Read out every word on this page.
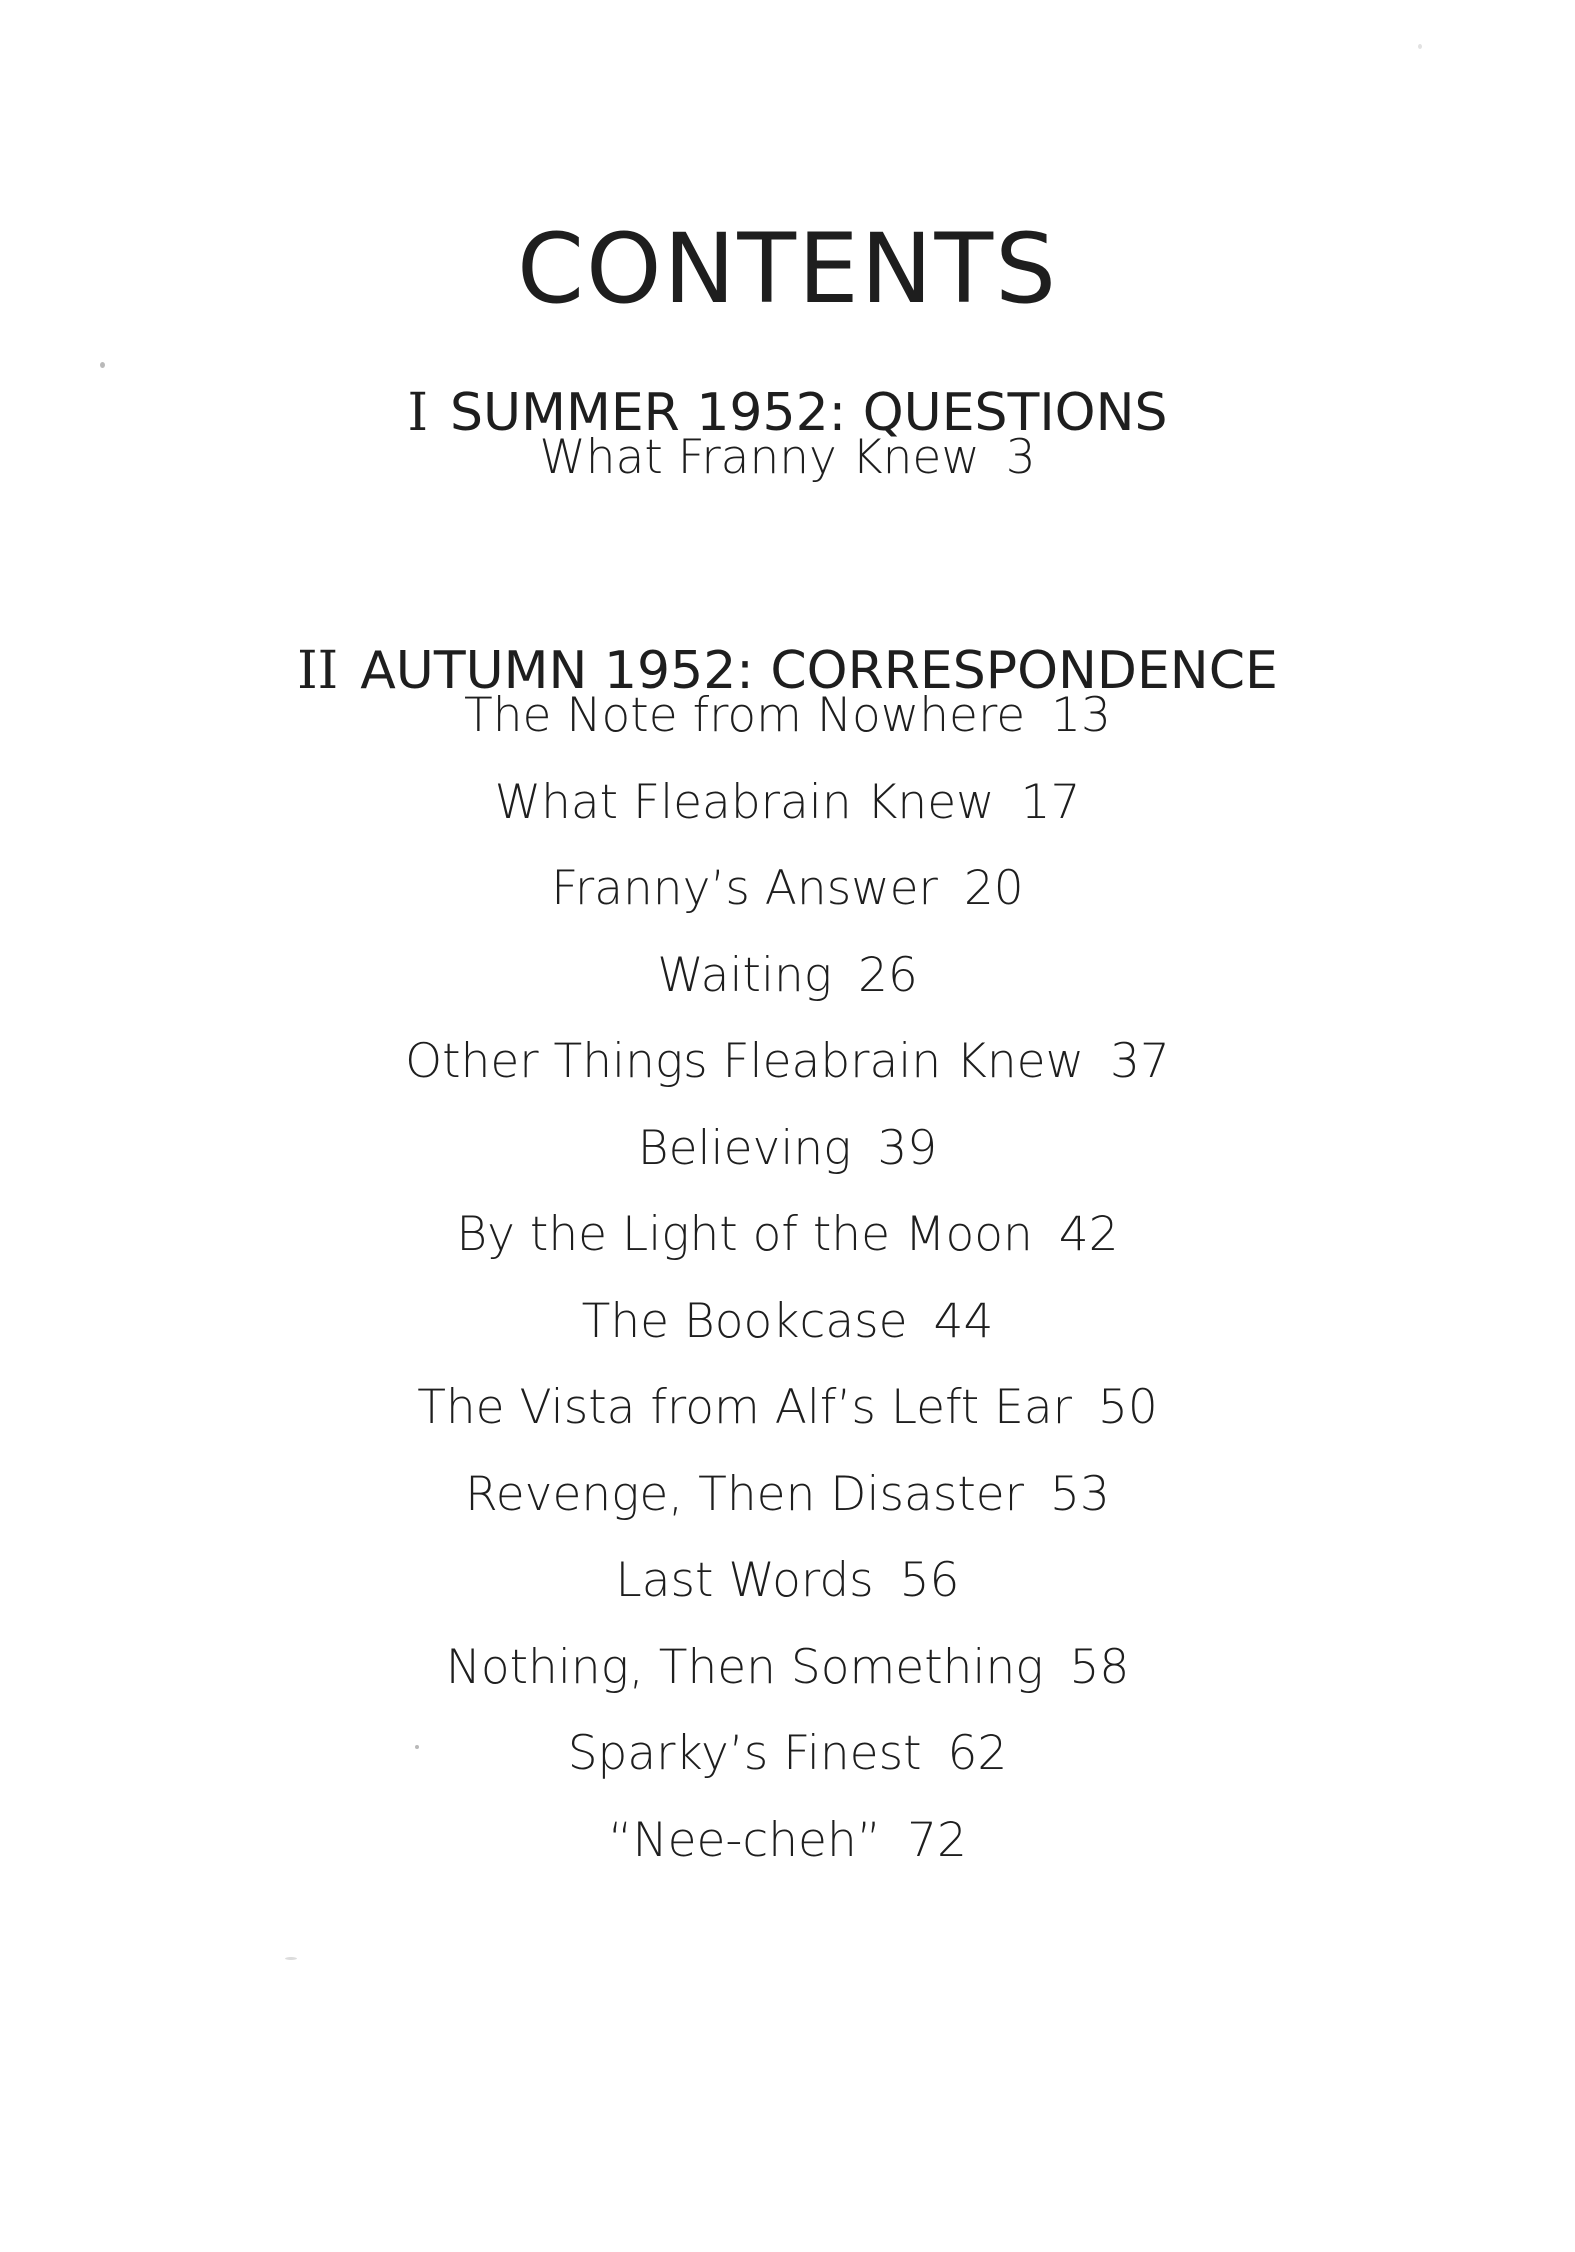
CONTENTS
I SUMMER 1952: QUESTIONS
What Franny Knew 3
II AUTUMN 1952: CORRESPONDENCE
The Note from Nowhere 13
What Fleabrain Knew 17
Franny’s Answer 20
Waiting 26
Other Things Fleabrain Knew 37
Believing 39
By the Light of the Moon 42
The Bookcase 44
The Vista from Alf’s Left Ear 50
Revenge, Then Disaster 53
Last Words 56
Nothing, Then Something 58
Sparky’s Finest 62
“Nee-cheh” 72
